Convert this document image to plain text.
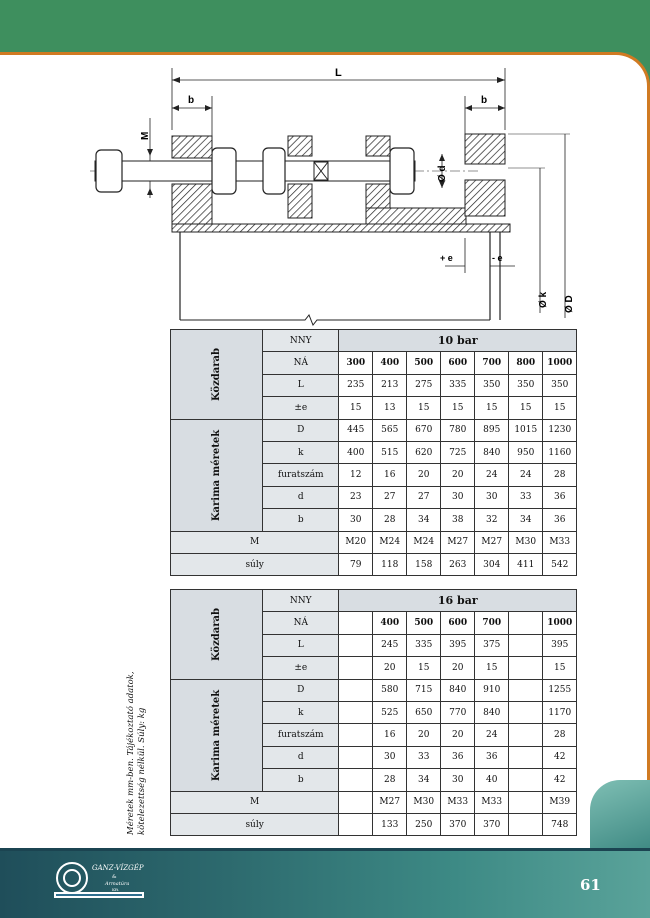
L
b	b
M
Ø d
+ e	- e
Ø k Ø D
Közdarab	NNY	10 bar						
	NÁ	300	400	500	600	700	800	1000
	L	235	213	275	335	350	350	350
	±e	15	13	15	15	15	15	15

Karima méretek	D	445	565	670	780	895	1015	1230
	k	400	515	620	725	840	950	1160
	furatszám	12	16	20	20	24	24	28
	d	23	27	27	30	30	33	36
	b	30	28	34	38	32	34	36
M		M20	M24	M24	M27	M27	M30	M33
súly		79	118	158	263	304	411	542
Közdarab	NNY	16 bar						
	NÁ		400	500	600	700		1000
	L		245	335	395	375		395
	±e		20	15	20	15		15

Karima méretek	D		580	715	840	910		1255
	k		525	650	770	840		1170
	furatszám		16	20	20	24		28
	d		30	33	36	36		42
	b		28	34	30	40		42
M			M27	M30	M33	M33		M39
súly			133	250	370	370		748
Méretek mm-ben. Tájékoztató adatok, kötelezettség nélkül. Súly: kg
GANZ-VÍZGÉP
&
Armatúra
Kft.	61
